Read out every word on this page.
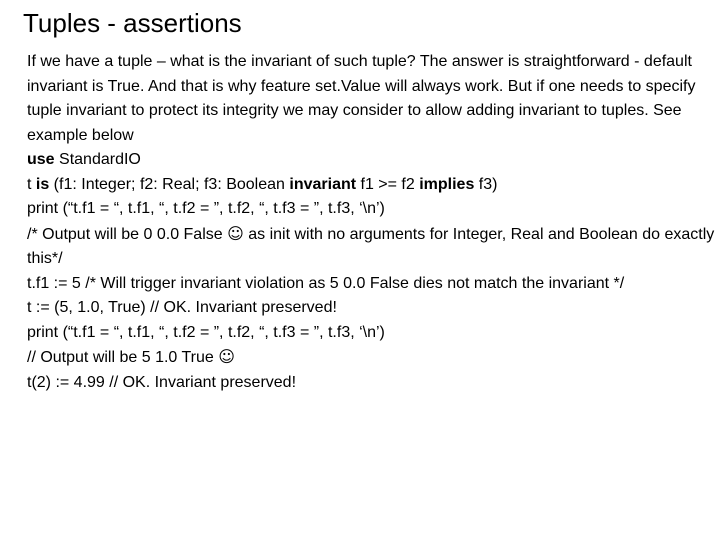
Tuples - assertions

If we have a tuple – what is the invariant of such tuple? The answer is straightforward - default invariant is True. And that is why feature set.Value will always work. But if one needs to specify tuple invariant to protect its integrity we may consider to allow adding invariant to tuples. See example below

use StandardIO
t is (f1: Integer; f2: Real; f3: Boolean invariant f1 >= f2 implies f3)
print (“t.f1 = “, t.f1, “, t.f2 = ”, t.f2, “, t.f3 = ”, t.f3, ‘\n’)
/* Output will be 0 0.0 False ☺ as init with no arguments for Integer, Real and Boolean do exactly this*/
t.f1 := 5 /* Will trigger invariant violation as 5 0.0 False dies not match the invariant */
t := (5, 1.0, True) // OK. Invariant preserved!
print (“t.f1 = “, t.f1, “, t.f2 = ”, t.f2, “, t.f3 = ”, t.f3, ‘\n’)
// Output will be 5 1.0 True ☺
t(2) := 4.99 // OK. Invariant preserved!
